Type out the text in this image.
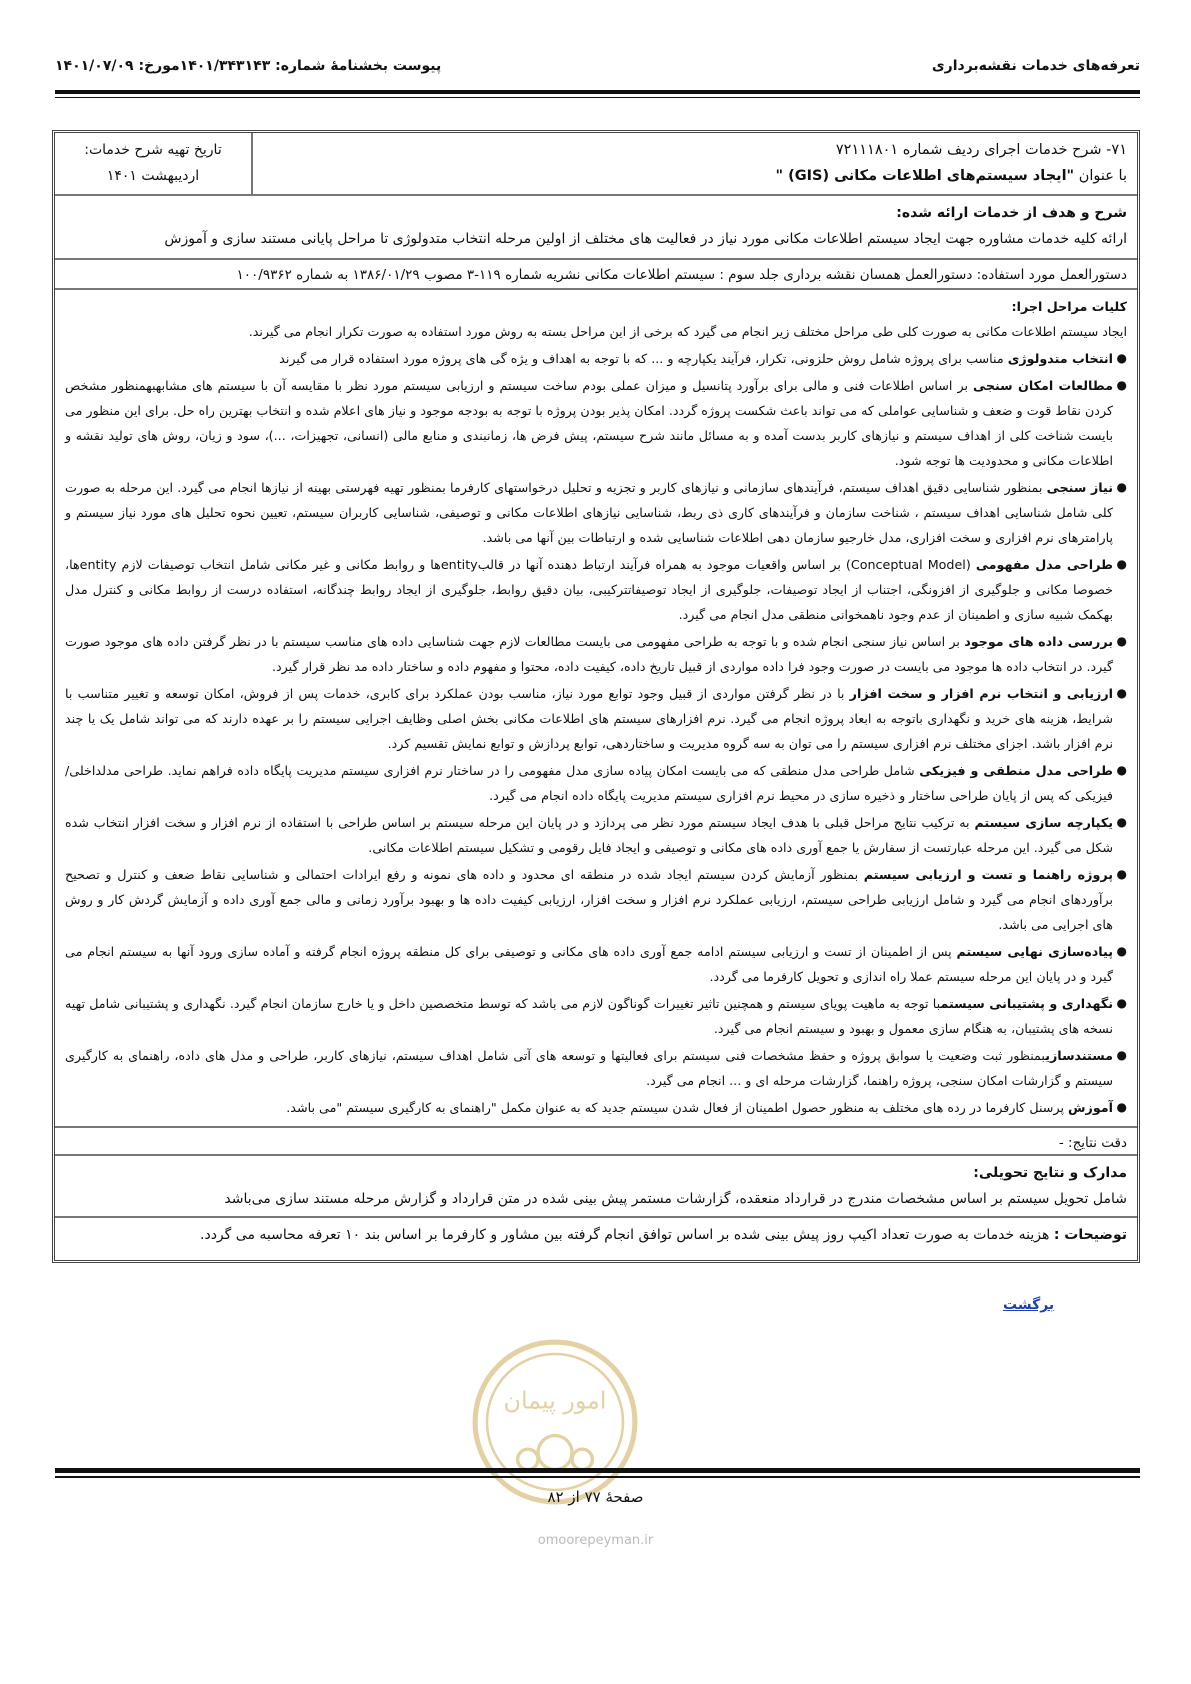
تعرفه‌های خدمات نقشه‌برداری
پیوست بخشنامهٔ شماره: ۱۴۰۱/۳۴۳۱۴۳مورخ: ۱۴۰۱/۰۷/۰۹
۷۱- شرح خدمات اجرای ردیف شماره ۷۲۱۱۱۸۰۱
با عنوان "ایجاد سیستم‌های اطلاعات مکانی (GIS) "
تاریخ تهیه شرح خدمات:
اردیبهشت ۱۴۰۱
شرح و هدف از خدمات ارائه شده:
ارائه کلیه خدمات مشاوره جهت ایجاد سیستم اطلاعات مکانی مورد نیاز در فعالیت های مختلف از اولین مرحله انتخاب متدولوژی تا مراحل پایانی مستند سازی و آموزش
دستورالعمل مورد استفاده: دستورالعمل همسان نقشه برداری جلد سوم : سیستم اطلاعات مکانی نشریه شماره ۱۱۹-۳ مصوب ۱۳۸۶/۰۱/۲۹ به شماره ۱۰۰/۹۳۶۲
کلیات مراحل اجرا:
ایجاد سیستم اطلاعات مکانی به صورت کلی طی مراحل مختلف زیر انجام می گیرد که برخی از این مراحل بسته به روش مورد استفاده به صورت تکرار انجام می گیرند.
●
انتخاب متدولوژی مناسب برای پروژه شامل روش حلزونی، تکرار، فرآیند یکپارچه و ... که با توجه به اهداف و یژه گی های پروژه مورد استفاده قرار می گیرند
●
مطالعات امکان سنجی بر اساس اطلاعات فنی و مالی برای برآورد پتانسیل و میزان عملی بودم ساخت سیستم و ارزیابی سیستم مورد نظر با مقایسه آن با سیستم های مشابهبهمنظور مشخص کردن نقاط قوت و ضعف و شناسایی عواملی که می تواند باعث شکست پروژه گردد. امکان پذیر بودن پروژه با توجه به بودجه موجود و نیاز های اعلام شده و انتخاب بهترین راه حل. برای این منظور می بایست شناخت کلی از اهداف سیستم و نیازهای کاربر بدست آمده و به مسائل مانند شرح سیستم، پیش فرض ها، زمانبندی و منابع مالی (انسانی، تجهیزات، ...)، سود و زیان، روش های تولید نقشه و اطلاعات مکانی و محدودیت ها توجه شود.
●
نیاز سنجی بمنظور شناسایی دقیق اهداف سیستم، فرآیندهای سازمانی و نیازهای کاربر و تجزیه و تحلیل درخواستهای کارفرما بمنظور تهیه فهرستی بهینه از نیازها انجام می گیرد. این مرحله به صورت کلی شامل شناسایی اهداف سیستم ، شناخت سازمان و فرآیندهای کاری ذی ربط، شناسایی نیازهای اطلاعات مکانی و توصیفی، شناسایی کاربران سیستم، تعیین نحوه تحلیل های مورد نیاز سیستم و پارامترهای نرم افزاری و سخت افزاری، مدل خارجیو سازمان دهی اطلاعات شناسایی شده و ارتباطات بین آنها می باشد.
●
طراحی مدل مفهومی (Conceptual Model) بر اساس واقعیات موجود به همراه فرآیند ارتباط دهنده آنها در قالبentityها و روابط مکانی و غیر مکانی شامل انتخاب توصیفات لازم entityها، خصوصا مکانی و جلوگیری از افزونگی، اجتناب از ایجاد توصیفات، جلوگیری از ایجاد توصیفاتترکیبی، بیان دقیق روابط، جلوگیری از ایجاد روابط چندگانه، استفاده درست از روابط مکانی و کنترل مدل بهکمک شبیه سازی و اطمینان از عدم وجود ناهمخوانی منطقی مدل انجام می گیرد.
●
بررسی داده های موجود بر اساس نیاز سنجی انجام شده و با توجه به طراحی مفهومی می بایست مطالعات لازم جهت شناسایی داده های مناسب سیستم با در نظر گرفتن داده های موجود صورت گیرد. در انتخاب داده ها موجود می بایست در صورت وجود فرا داده مواردی از قبیل تاریخ داده، کیفیت داده، محتوا و مفهوم داده و ساختار داده مد نظر قرار گیرد.
●
ارزیابی و انتخاب نرم افزار و سخت افزار با در نظر گرفتن مواردی از قبیل وجود توابع مورد نیاز، مناسب بودن عملکرد برای کابری، خدمات پس از فروش، امکان توسعه و تغییر متناسب با شرایط، هزینه های خرید و نگهداری باتوجه به ابعاد پروژه انجام می گیرد. نرم افزارهای سیستم های اطلاعات مکانی بخش اصلی وظایف اجرایی سیستم را بر عهده دارند که می تواند شامل یک یا چند نرم افزار باشد. اجزای مختلف نرم افزاری سیستم را می توان به سه گروه مدیریت و ساختاردهی، توابع پردازش و توابع نمایش تقسیم کرد.
●
طراحی مدل منطقی و فیزیکی شامل طراحی مدل منطقی که می بایست امکان پیاده سازی مدل مفهومی را در ساختار نرم افزاری سیستم مدیریت پایگاه داده فراهم نماید. طراحی مدلداخلی/فیزیکی که پس از پایان طراحی ساختار و ذخیره سازی در محیط نرم افزاری سیستم مدیریت پایگاه داده انجام می گیرد.
●
یکپارچه سازی سیستم به ترکیب نتایج مراحل قبلی با هدف ایجاد سیستم مورد نظر می پردازد و در پایان این مرحله سیستم بر اساس طراحی با استفاده از نرم افزار و سخت افزار انتخاب شده شکل می گیرد. این مرحله عبارتست از سفارش یا جمع آوری داده های مکانی و توصیفی و ایجاد فایل رقومی و تشکیل سیستم اطلاعات مکانی.
●
پروژه راهنما و تست و ارزیابی سیستم بمنظور آزمایش کردن سیستم ایجاد شده در منطقه ای محدود و داده های نمونه و رفع ایرادات احتمالی و شناسایی نقاط ضعف و کنترل و تصحیح برآوردهای انجام می گیرد و شامل ارزیابی طراحی سیستم، ارزیابی عملکرد نرم افزار و سخت افزار، ارزیابی کیفیت داده ها و بهبود برآورد زمانی و مالی جمع آوری داده و آزمایش گردش کار و روش های اجرایی می باشد.
●
پیاده‌سازی نهایی سیستم پس از اطمینان از تست و ارزیابی سیستم ادامه جمع آوری داده های مکانی و توصیفی برای کل منطقه پروژه انجام گرفته و آماده سازی ورود آنها به سیستم انجام می گیرد و در پایان این مرحله سیستم عملا راه اندازی و تحویل کارفرما می گردد.
●
نگهداری و پشتیبانی سیستمبا توجه به ماهیت پویای سیستم و همچنین تاثیر تغییرات گوناگون لازم می باشد که توسط متخصصین داخل و یا خارج سازمان انجام گیرد. نگهداری و پشتیبانی شامل تهیه نسخه های پشتیبان، به هنگام سازی معمول و بهبود و سیستم انجام می گیرد.
●
مستندسازیبمنظور ثبت وضعیت یا سوابق پروژه و حفظ مشخصات فنی سیستم برای فعالیتها و توسعه های آتی شامل اهداف سیستم، نیازهای کاربر، طراحی و مدل های داده، راهنمای به کارگیری سیستم و گزارشات امکان سنجی، پروژه راهنما، گزارشات مرحله ای و ... انجام می گیرد.
●
آموزش پرسنل کارفرما در رده های مختلف به منظور حصول اطمینان از فعال شدن سیستم جدید که به عنوان مکمل "راهنمای به کارگیری سیستم "می باشد.
دقت نتایج: -
مدارک و نتایج تحویلی:
شامل تحویل سیستم بر اساس مشخصات مندرج در قرارداد منعقده، گزارشات مستمر پیش بینی شده در متن قرارداد و گزارش مرحله مستند سازی می‌باشد
توضیحات : هزینه خدمات به صورت تعداد اکیپ روز پیش بینی شده بر اساس توافق انجام گرفته بین مشاور و کارفرما بر اساس بند ۱۰ تعرفه محاسبه می گردد.
برگشت
امور پیمان
صفحهٔ ۷۷ از ۸۲
omoorepeyman.ir
